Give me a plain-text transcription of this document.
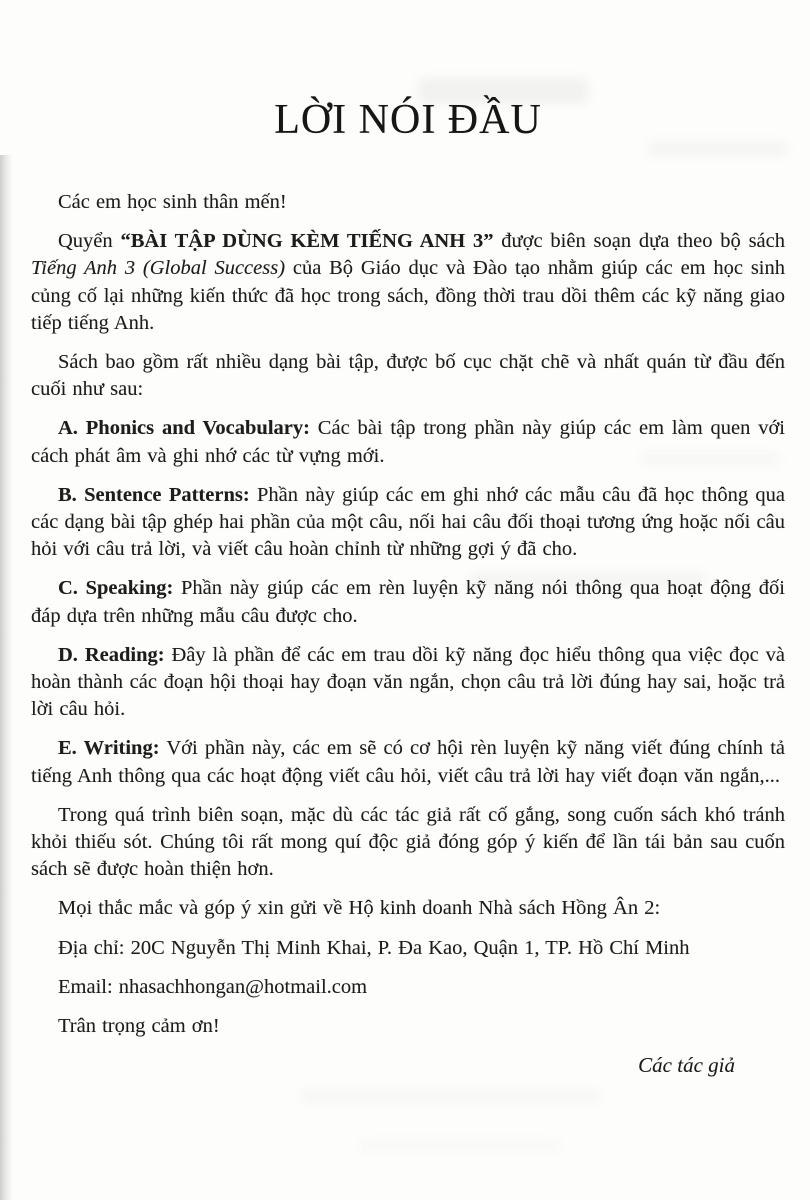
LỜI NÓI ĐẦU

Các em học sinh thân mến!

Quyển “BÀI TẬP DÙNG KÈM TIẾNG ANH 3” được biên soạn dựa theo bộ sách Tiếng Anh 3 (Global Success) của Bộ Giáo dục và Đào tạo nhằm giúp các em học sinh củng cố lại những kiến thức đã học trong sách, đồng thời trau dồi thêm các kỹ năng giao tiếp tiếng Anh.

Sách bao gồm rất nhiều dạng bài tập, được bố cục chặt chẽ và nhất quán từ đầu đến cuối như sau:

A. Phonics and Vocabulary: Các bài tập trong phần này giúp các em làm quen với cách phát âm và ghi nhớ các từ vựng mới.

B. Sentence Patterns: Phần này giúp các em ghi nhớ các mẫu câu đã học thông qua các dạng bài tập ghép hai phần của một câu, nối hai câu đối thoại tương ứng hoặc nối câu hỏi với câu trả lời, và viết câu hoàn chỉnh từ những gợi ý đã cho.

C. Speaking: Phần này giúp các em rèn luyện kỹ năng nói thông qua hoạt động đối đáp dựa trên những mẫu câu được cho.

D. Reading: Đây là phần để các em trau dồi kỹ năng đọc hiểu thông qua việc đọc và hoàn thành các đoạn hội thoại hay đoạn văn ngắn, chọn câu trả lời đúng hay sai, hoặc trả lời câu hỏi.

E. Writing: Với phần này, các em sẽ có cơ hội rèn luyện kỹ năng viết đúng chính tả tiếng Anh thông qua các hoạt động viết câu hỏi, viết câu trả lời hay viết đoạn văn ngắn,...

Trong quá trình biên soạn, mặc dù các tác giả rất cố gắng, song cuốn sách khó tránh khỏi thiếu sót. Chúng tôi rất mong quí độc giả đóng góp ý kiến để lần tái bản sau cuốn sách sẽ được hoàn thiện hơn.

Mọi thắc mắc và góp ý xin gửi về Hộ kinh doanh Nhà sách Hồng Ân 2:

Địa chỉ: 20C Nguyễn Thị Minh Khai, P. Đa Kao, Quận 1, TP. Hồ Chí Minh

Email: nhasachhongan@hotmail.com

Trân trọng cảm ơn!

Các tác giả
